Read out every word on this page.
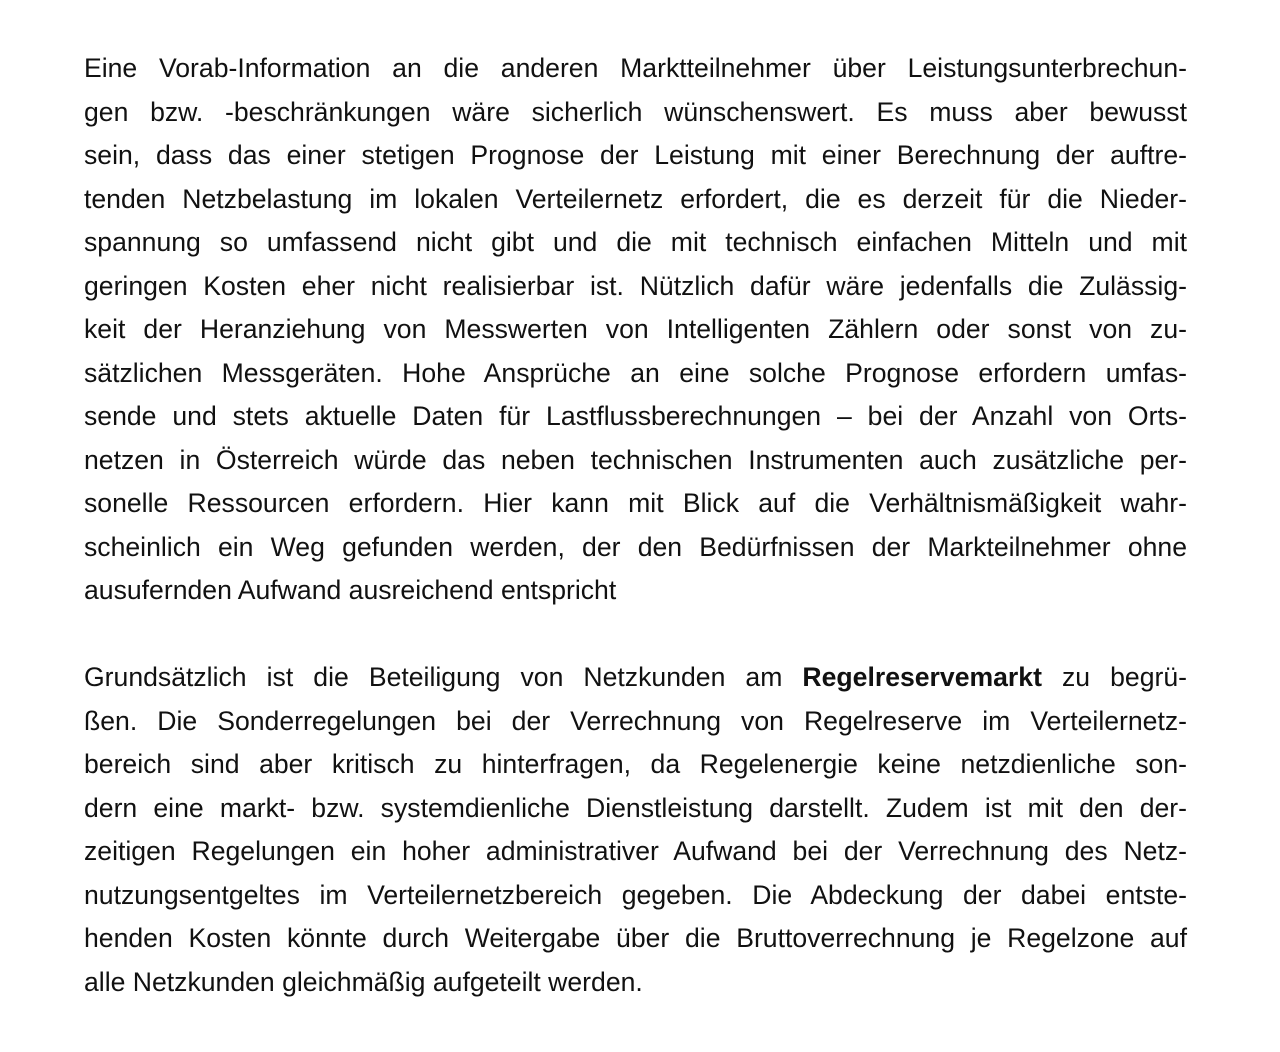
Eine Vorab-Information an die anderen Marktteilnehmer über Leistungsunterbrechun-
gen bzw. -beschränkungen wäre sicherlich wünschenswert. Es muss aber bewusst
sein, dass das einer stetigen Prognose der Leistung mit einer Berechnung der auftre-
tenden Netzbelastung im lokalen Verteilernetz erfordert, die es derzeit für die Nieder-
spannung so umfassend nicht gibt und die mit technisch einfachen Mitteln und mit
geringen Kosten eher nicht realisierbar ist. Nützlich dafür wäre jedenfalls die Zulässig-
keit der Heranziehung von Messwerten von Intelligenten Zählern oder sonst von zu-
sätzlichen Messgeräten. Hohe Ansprüche an eine solche Prognose erfordern umfas-
sende und stets aktuelle Daten für Lastflussberechnungen – bei der Anzahl von Orts-
netzen in Österreich würde das neben technischen Instrumenten auch zusätzliche per-
sonelle Ressourcen erfordern. Hier kann mit Blick auf die Verhältnismäßigkeit wahr-
scheinlich ein Weg gefunden werden, der den Bedürfnissen der Markteilnehmer ohne
ausufernden Aufwand ausreichend entspricht

Grundsätzlich ist die Beteiligung von Netzkunden am Regelreservemarkt zu begrü-
ßen. Die Sonderregelungen bei der Verrechnung von Regelreserve im Verteilernetz-
bereich sind aber kritisch zu hinterfragen, da Regelenergie keine netzdienliche son-
dern eine markt- bzw. systemdienliche Dienstleistung darstellt. Zudem ist mit den der-
zeitigen Regelungen ein hoher administrativer Aufwand bei der Verrechnung des Netz-
nutzungsentgeltes im Verteilernetzbereich gegeben. Die Abdeckung der dabei entste-
henden Kosten könnte durch Weitergabe über die Bruttoverrechnung je Regelzone auf
alle Netzkunden gleichmäßig aufgeteilt werden.
